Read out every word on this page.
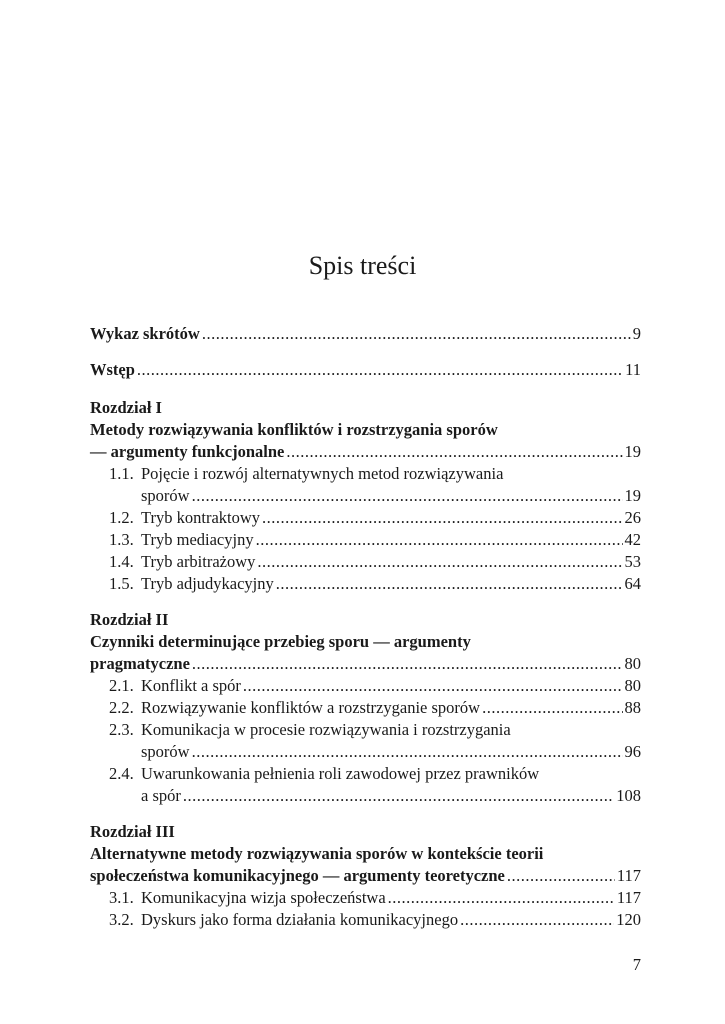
Spis treści
Wykaz skrótów .....	9
Wstęp .....	11
Rozdział I
Metody rozwiązywania konfliktów i rozstrzygania sporów
— argumenty funkcjonalne .....	19
1.1. Pojęcie i rozwój alternatywnych metod rozwiązywania
sporów .....	19
1.2. Tryb kontraktowy .....	26
1.3. Tryb mediacyjny .....	42
1.4. Tryb arbitrażowy .....	53
1.5. Tryb adjudykacyjny .....	64
Rozdział II
Czynniki determinujące przebieg sporu — argumenty
pragmatyczne .....	80
2.1. Konflikt a spór .....	80
2.2. Rozwiązywanie konfliktów a rozstrzyganie sporów .....	88
2.3. Komunikacja w procesie rozwiązywania i rozstrzygania
sporów .....	96
2.4. Uwarunkowania pełnienia roli zawodowej przez prawników
a spór .....	108
Rozdział III
Alternatywne metody rozwiązywania sporów w kontekście teorii
społeczeństwa komunikacyjnego — argumenty teoretyczne .....	117
3.1. Komunikacyjna wizja społeczeństwa .....	117
3.2. Dyskurs jako forma działania komunikacyjnego .....	120
7
